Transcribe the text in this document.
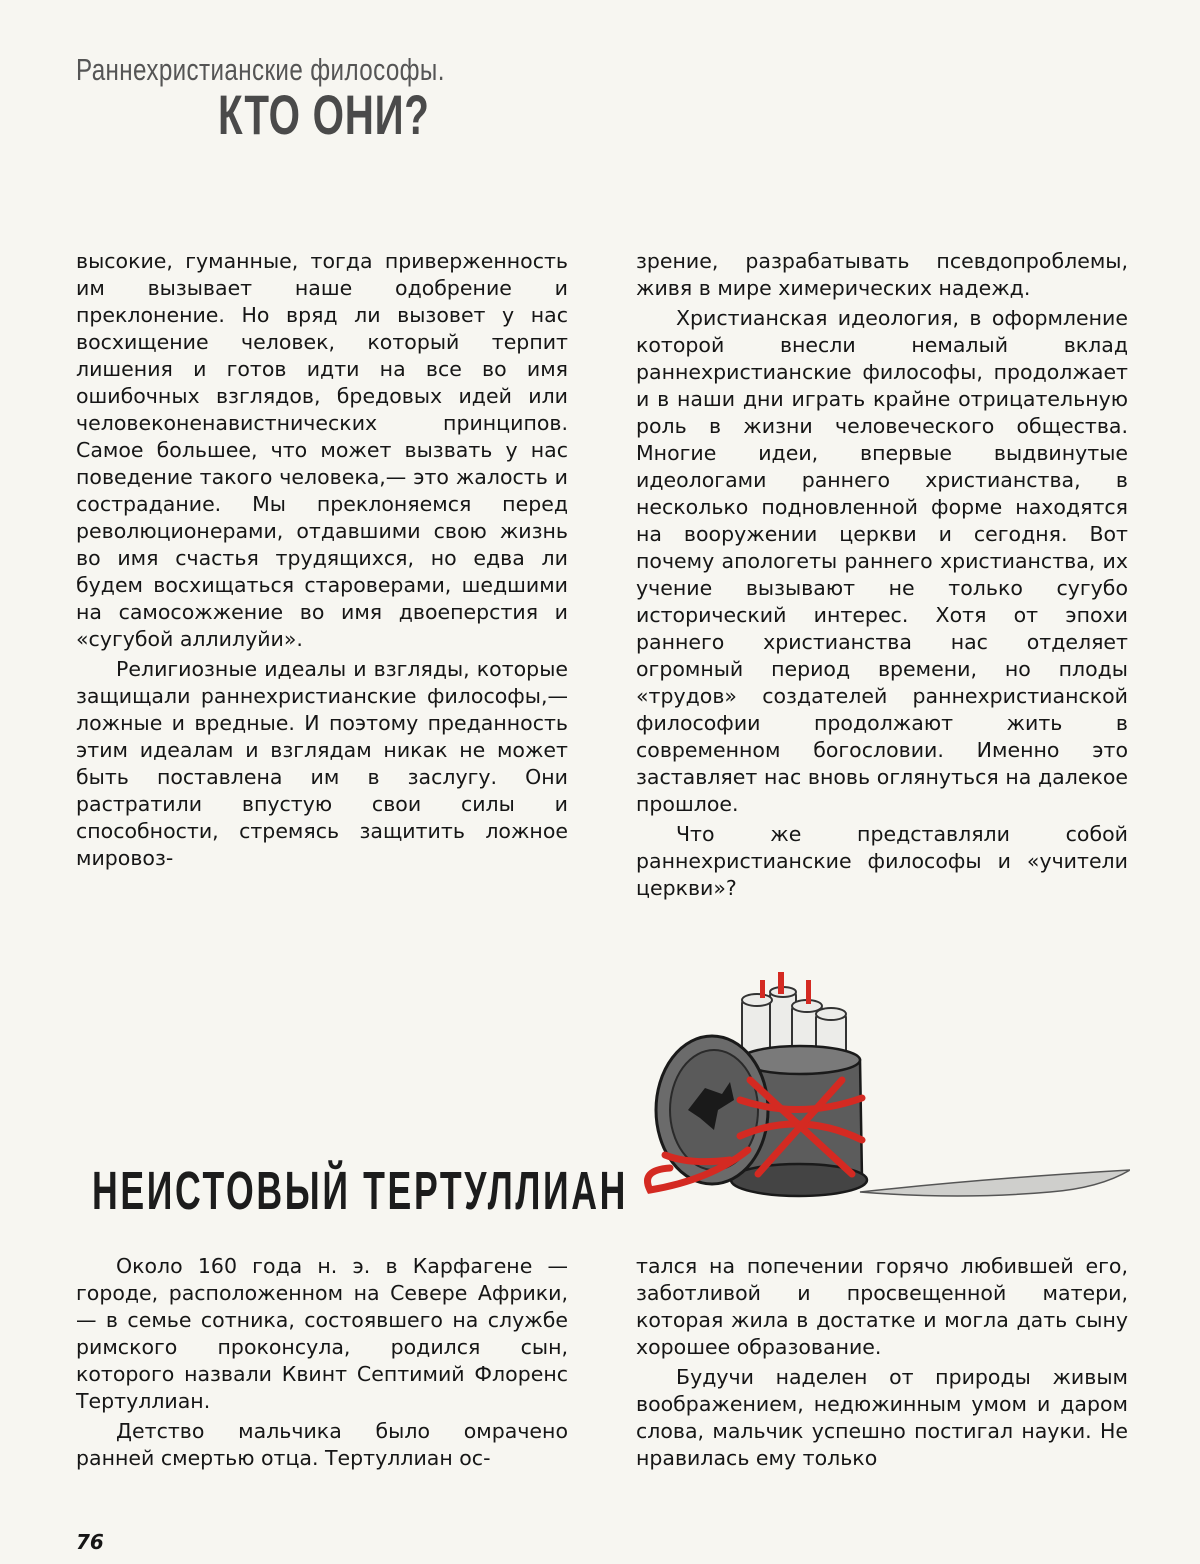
Раннехристианские философы.
КТО ОНИ?

высокие, гуманные, тогда приверженность им вызывает наше одобрение и преклонение. Но вряд ли вызовет у нас восхищение человек, который терпит лишения и готов идти на все во имя ошибочных взглядов, бредовых идей или человеконенавистнических принципов. Самое большее, что может вызвать у нас поведение такого человека,— это жалость и сострадание. Мы преклоняемся перед революционерами, отдавшими свою жизнь во имя счастья трудящихся, но едва ли будем восхищаться староверами, шедшими на самосожжение во имя двоеперстия и «сугубой аллилуйи».

Религиозные идеалы и взгляды, которые защищали раннехристианские философы,— ложные и вредные. И поэтому преданность этим идеалам и взглядам никак не может быть поставлена им в заслугу. Они растратили впустую свои силы и способности, стремясь защитить ложное мировоз-

зрение, разрабатывать псевдопроблемы, живя в мире химерических надежд.

Христианская идеология, в оформление которой внесли немалый вклад раннехристианские философы, продолжает и в наши дни играть крайне отрицательную роль в жизни человеческого общества. Многие идеи, впервые выдвинутые идеологами раннего христианства, в несколько подновленной форме находятся на вооружении церкви и сегодня. Вот почему апологеты раннего христианства, их учение вызывают не только сугубо исторический интерес. Хотя от эпохи раннего христианства нас отделяет огромный период времени, но плоды «трудов» создателей раннехристианской философии продолжают жить в современном богословии. Именно это заставляет нас вновь оглянуться на далекое прошлое.

Что же представляли собой раннехристианские философы и «учители церкви»?

НЕИСТОВЫЙ ТЕРТУЛЛИАН

Около 160 года н. э. в Карфагене — городе, расположенном на Севере Африки,— в семье сотника, состоявшего на службе римского проконсула, родился сын, которого назвали Квинт Септимий Флоренс Тертуллиан.

Детство мальчика было омрачено ранней смертью отца. Тертуллиан ос-

тался на попечении горячо любившей его, заботливой и просвещенной матери, которая жила в достатке и могла дать сыну хорошее образование.

Будучи наделен от природы живым воображением, недюжинным умом и даром слова, мальчик успешно постигал науки. Не нравилась ему только

76
